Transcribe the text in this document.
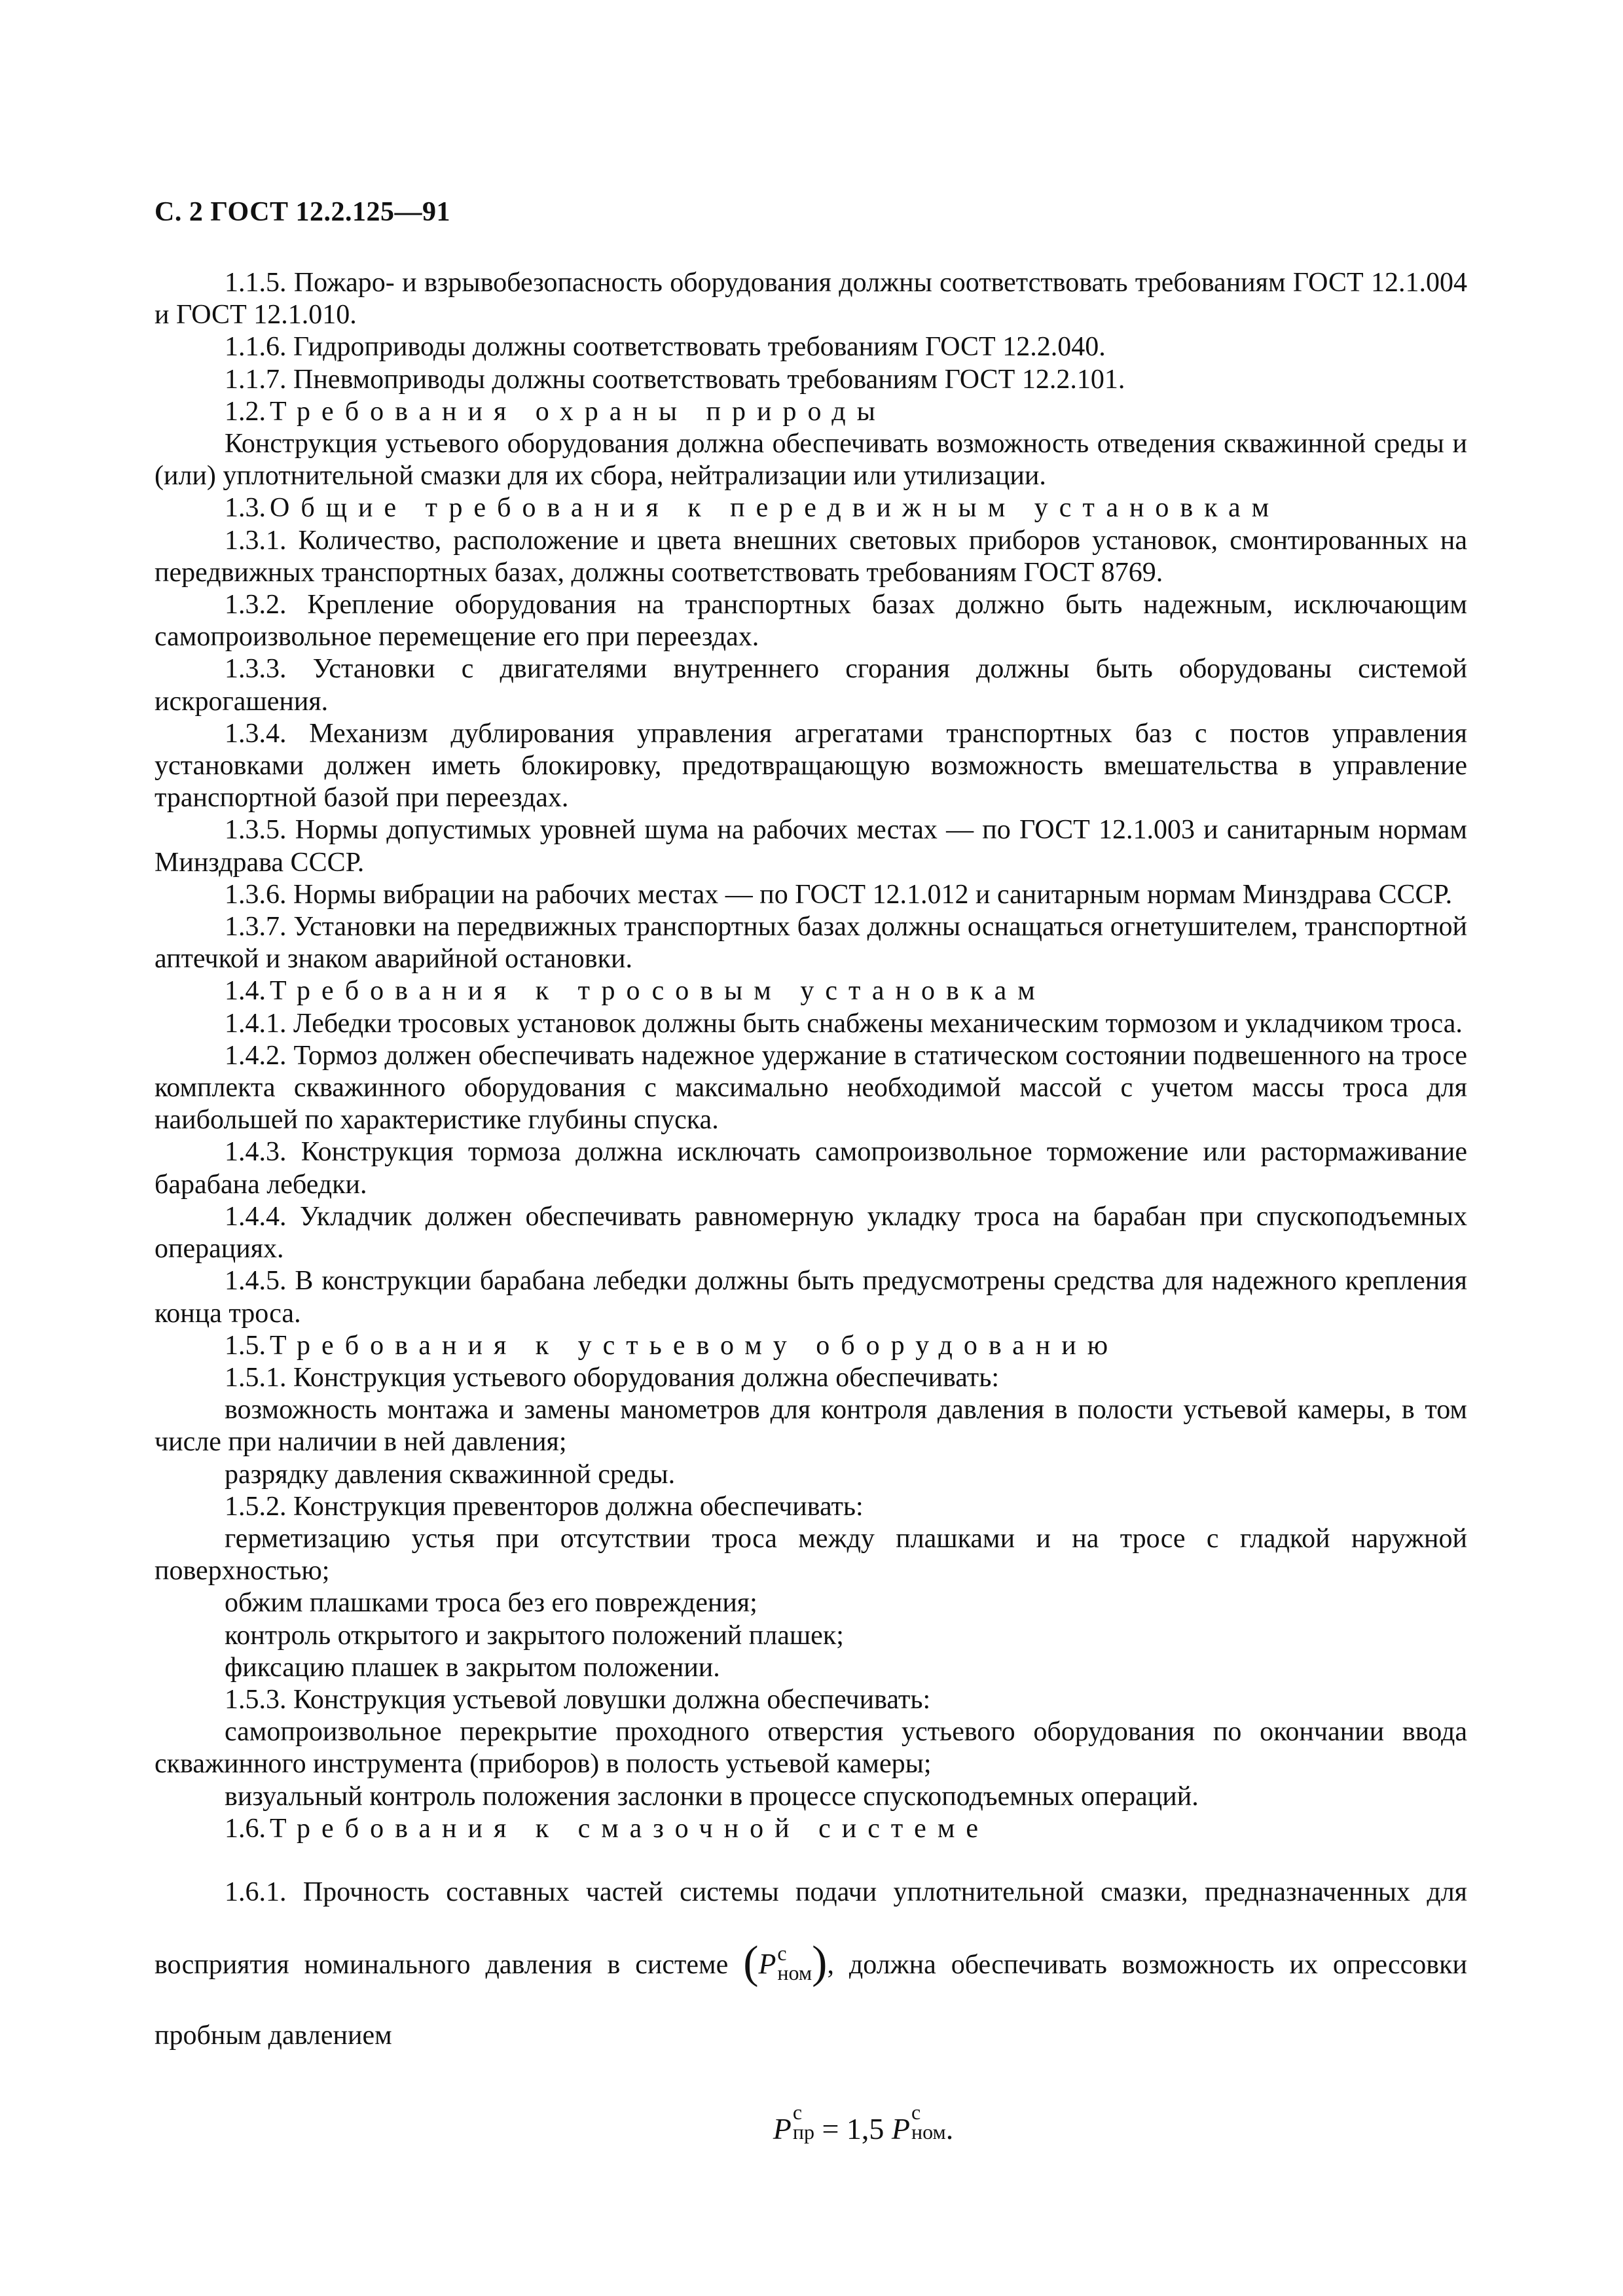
С. 2 ГОСТ 12.2.125—91

1.1.5. Пожаро- и взрывобезопасность оборудования должны соответствовать требованиям ГОСТ 12.1.004 и ГОСТ 12.1.010.

1.1.6. Гидроприводы должны соответствовать требованиям ГОСТ 12.2.040.

1.1.7. Пневмоприводы должны соответствовать требованиям ГОСТ 12.2.101.

1.2. Требования охраны природы

Конструкция устьевого оборудования должна обеспечивать возможность отведения скважинной среды и (или) уплотнительной смазки для их сбора, нейтрализации или утилизации.

1.3. Общие требования к передвижным установкам

1.3.1. Количество, расположение и цвета внешних световых приборов установок, смонтированных на передвижных транспортных базах, должны соответствовать требованиям ГОСТ 8769.

1.3.2. Крепление оборудования на транспортных базах должно быть надежным, исключающим самопроизвольное перемещение его при переездах.

1.3.3. Установки с двигателями внутреннего сгорания должны быть оборудованы системой искрогашения.

1.3.4. Механизм дублирования управления агрегатами транспортных баз с постов управления установками должен иметь блокировку, предотвращающую возможность вмешательства в управление транспортной базой при переездах.

1.3.5. Нормы допустимых уровней шума на рабочих местах — по ГОСТ 12.1.003 и санитарным нормам Минздрава СССР.

1.3.6. Нормы вибрации на рабочих местах — по ГОСТ 12.1.012 и санитарным нормам Минздрава СССР.

1.3.7. Установки на передвижных транспортных базах должны оснащаться огнетушителем, транспортной аптечкой и знаком аварийной остановки.

1.4. Требования к тросовым установкам

1.4.1. Лебедки тросовых установок должны быть снабжены механическим тормозом и укладчиком троса.

1.4.2. Тормоз должен обеспечивать надежное удержание в статическом состоянии подвешенного на тросе комплекта скважинного оборудования с максимально необходимой массой с учетом массы троса для наибольшей по характеристике глубины спуска.

1.4.3. Конструкция тормоза должна исключать самопроизвольное торможение или растормаживание барабана лебедки.

1.4.4. Укладчик должен обеспечивать равномерную укладку троса на барабан при спускоподъемных операциях.

1.4.5. В конструкции барабана лебедки должны быть предусмотрены средства для надежного крепления конца троса.

1.5. Требования к устьевому оборудованию

1.5.1. Конструкция устьевого оборудования должна обеспечивать:

возможность монтажа и замены манометров для контроля давления в полости устьевой камеры, в том числе при наличии в ней давления;

разрядку давления скважинной среды.

1.5.2. Конструкция превенторов должна обеспечивать:

герметизацию устья при отсутствии троса между плашками и на тросе с гладкой наружной поверхностью;

обжим плашками троса без его повреждения;

контроль открытого и закрытого положений плашек;

фиксацию плашек в закрытом положении.

1.5.3. Конструкция устьевой ловушки должна обеспечивать:

самопроизвольное перекрытие проходного отверстия устьевого оборудования по окончании ввода скважинного инструмента (приборов) в полость устьевой камеры;

визуальный контроль положения заслонки в процессе спускоподъемных операций.

1.6. Требования к смазочной системе

1.6.1. Прочность составных частей системы подачи уплотнительной смазки, предназначенных для восприятия номинального давления в системе (P с
ном ), должна обеспечивать возможность их опрессовки пробным давлением

P с
пр = 1,5 P с
ном .
